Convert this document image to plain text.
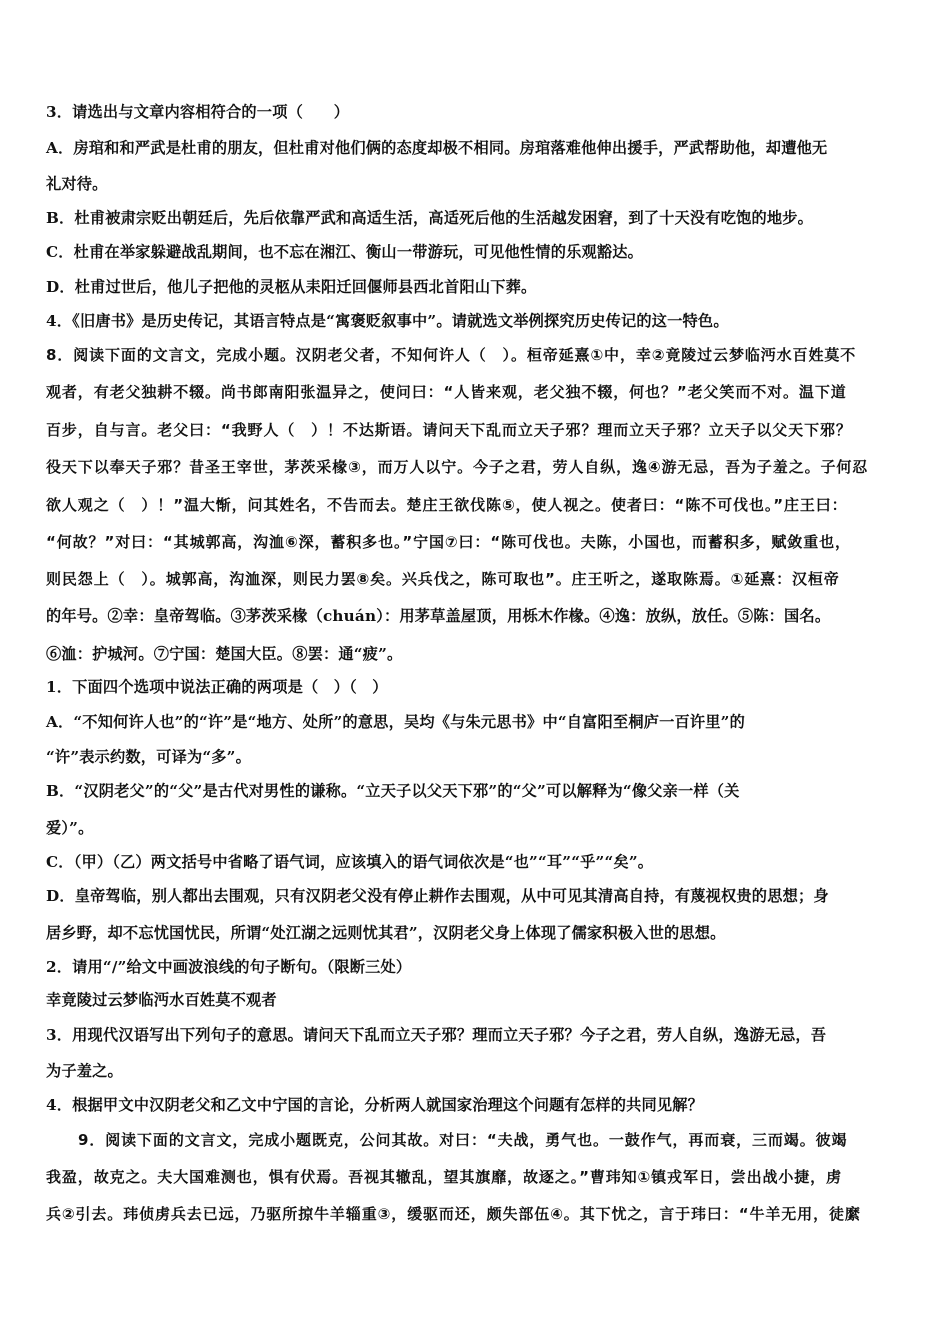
3．请选出与文章内容相符合的一项（　　）
A．房琯和和严武是杜甫的朋友，但杜甫对他们俩的态度却极不相同。房琯落难他伸出援手，严武帮助他，却遭他无
礼对待。
B．杜甫被肃宗贬出朝廷后，先后依靠严武和高适生活，高适死后他的生活越发困窘，到了十天没有吃饱的地步。
C．杜甫在举家躲避战乱期间，也不忘在湘江、衡山一带游玩，可见他性情的乐观豁达。
D．杜甫过世后，他儿子把他的灵柩从耒阳迁回偃师县西北首阳山下葬。
4．《旧唐书》是历史传记，其语言特点是“寓褒贬叙事中”。请就选文举例探究历史传记的这一特色。
8．阅读下面的文言文，完成小题。汉阴老父者，不知何许人（　）。桓帝延熹①中，幸②竟陵过云梦临沔水百姓莫不
观者，有老父独耕不辍。尚书郎南阳张温异之，使问曰：“人皆来观，老父独不辍，何也？”老父笑而不对。温下道
百步，自与言。老父曰：“我野人（　）！不达斯语。请问天下乱而立天子邪？理而立天子邪？立天子以父天下邪？
役天下以奉天子邪？昔圣王宰世，茅茨采椽③，而万人以宁。今子之君，劳人自纵，逸④游无忌，吾为子羞之。子何忍
欲人观之（　）！”温大惭，问其姓名，不告而去。楚庄王欲伐陈⑤，使人视之。使者曰：“陈不可伐也。”庄王曰：
“何故？”对曰：“其城郭高，沟洫⑥深，蓄积多也。”宁国⑦曰：“陈可伐也。夫陈，小国也，而蓄积多，赋敛重也，
则民怨上（　）。城郭高，沟洫深，则民力罢⑧矣。兴兵伐之，陈可取也”。庄王听之，遂取陈焉。①延熹：汉桓帝
的年号。②幸：皇帝驾临。③茅茨采椽（chuán）：用茅草盖屋顶，用栎木作椽。④逸：放纵，放任。⑤陈：国名。
⑥洫：护城河。⑦宁国：楚国大臣。⑧罢：通“疲”。
1．下面四个选项中说法正确的两项是（　）（　）
A．“不知何许人也”的“许”是“地方、处所”的意思，吴均《与朱元思书》中“自富阳至桐庐一百许里”的
“许”表示约数，可译为“多”。
B．“汉阴老父”的“父”是古代对男性的谦称。“立天子以父天下邪”的“父”可以解释为“像父亲一样（关
爱）”。
C．（甲）（乙）两文括号中省略了语气词，应该填入的语气词依次是“也”“耳”“乎”“矣”。
D．皇帝驾临，别人都出去围观，只有汉阴老父没有停止耕作去围观，从中可见其清高自持，有蔑视权贵的思想；身
居乡野，却不忘忧国忧民，所谓“处江湖之远则忧其君”，汉阴老父身上体现了儒家积极入世的思想。
2．请用“/”给文中画波浪线的句子断句。（限断三处）
幸竟陵过云梦临沔水百姓莫不观者
3．用现代汉语写出下列句子的意思。请问天下乱而立天子邪？理而立天子邪？今子之君，劳人自纵，逸游无忌，吾
为子羞之。
4．根据甲文中汉阴老父和乙文中宁国的言论，分析两人就国家治理这个问题有怎样的共同见解？
9．阅读下面的文言文，完成小题既克，公问其故。对曰：“夫战，勇气也。一鼓作气，再而衰，三而竭。彼竭
我盈，故克之。夫大国难测也，惧有伏焉。吾视其辙乱，望其旗靡，故逐之。”曹玮知①镇戎军日，尝出战小捷，虏
兵②引去。玮侦虏兵去已远，乃驱所掠牛羊辎重③，缓驱而还，颇失部伍④。其下忧之，言于玮曰：“牛羊无用，徒縻
